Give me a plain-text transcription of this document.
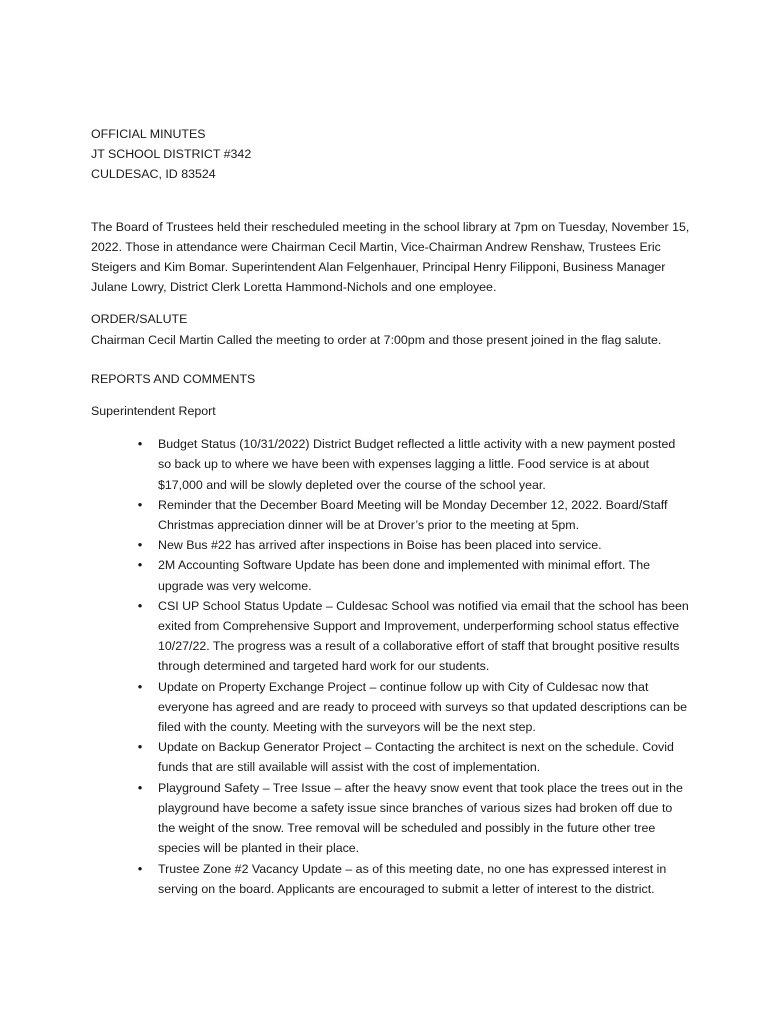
OFFICIAL MINUTES
JT SCHOOL DISTRICT #342
CULDESAC, ID 83524

The Board of Trustees held their rescheduled meeting in the school library at 7pm on Tuesday, November 15, 2022. Those in attendance were Chairman Cecil Martin, Vice-Chairman Andrew Renshaw, Trustees Eric Steigers and Kim Bomar. Superintendent Alan Felgenhauer, Principal Henry Filipponi, Business Manager Julane Lowry, District Clerk Loretta Hammond-Nichols and one employee.

ORDER/SALUTE

Chairman Cecil Martin Called the meeting to order at 7:00pm and those present joined in the flag salute.

REPORTS AND COMMENTS
Superintendent Report
• Budget Status (10/31/2022) District Budget reflected a little activity with a new payment posted so back up to where we have been with expenses lagging a little. Food service is at about $17,000 and will be slowly depleted over the course of the school year.
• Reminder that the December Board Meeting will be Monday December 12, 2022. Board/Staff Christmas appreciation dinner will be at Drover’s prior to the meeting at 5pm.
• New Bus #22 has arrived after inspections in Boise has been placed into service.
• 2M Accounting Software Update has been done and implemented with minimal effort. The upgrade was very welcome.
• CSI UP School Status Update – Culdesac School was notified via email that the school has been exited from Comprehensive Support and Improvement, underperforming school status effective 10/27/22. The progress was a result of a collaborative effort of staff that brought positive results through determined and targeted hard work for our students.
• Update on Property Exchange Project – continue follow up with City of Culdesac now that everyone has agreed and are ready to proceed with surveys so that updated descriptions can be filed with the county. Meeting with the surveyors will be the next step.
• Update on Backup Generator Project – Contacting the architect is next on the schedule. Covid funds that are still available will assist with the cost of implementation.
• Playground Safety – Tree Issue – after the heavy snow event that took place the trees out in the playground have become a safety issue since branches of various sizes had broken off due to the weight of the snow. Tree removal will be scheduled and possibly in the future other tree species will be planted in their place.
• Trustee Zone #2 Vacancy Update – as of this meeting date, no one has expressed interest in serving on the board. Applicants are encouraged to submit a letter of interest to the district.
